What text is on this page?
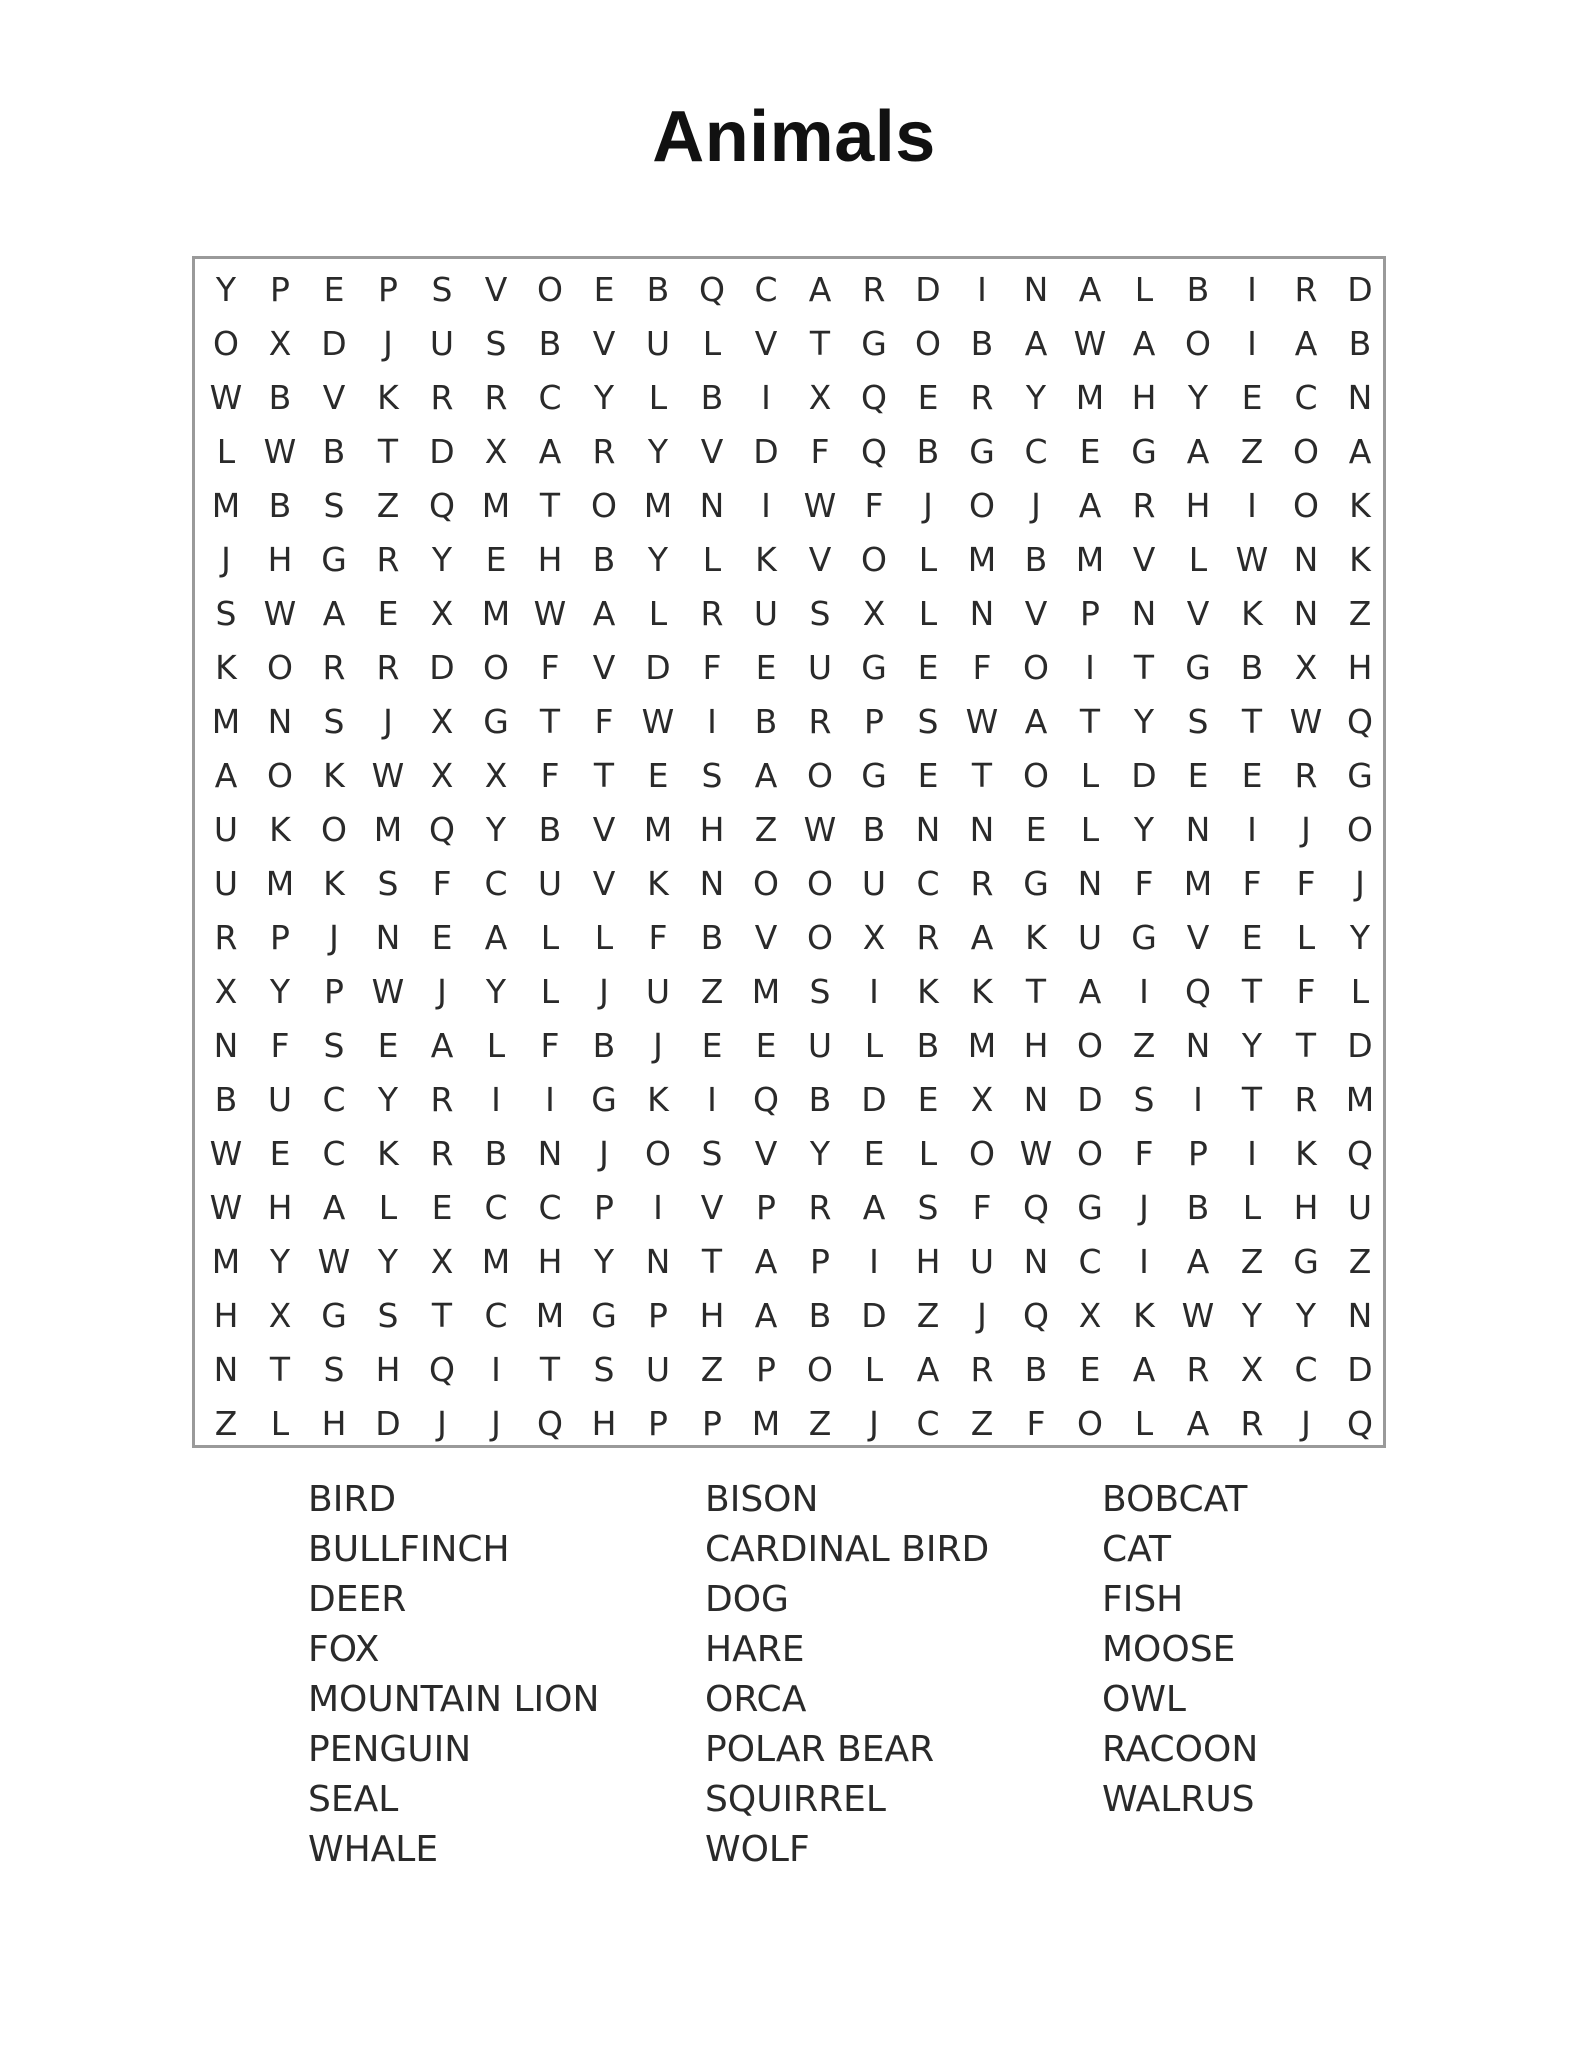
Animals
Y	P	E	P	S V O E B Q C A R D	I	N A	L	B	I	R D
O X D	J	U S B V U L	V T G O B A W A O	I	A B
W B V K R R C Y	L	B	I	X Q E R Y M H Y	E C N
L W B T D X A R Y V D F Q B G C E G A Z O A
M B S Z Q M T O M N	I W F	J	O	J	A R H	I	O K
J	H G R Y	E H B Y	L	K V O L M B M V	L W N K
S W A E X M W A	L	R U S X	L N V P N V K N Z
K O R R D O F	V D F	E U G E	F O	I	T G B X H
M N S	J	X G T	F W I	B R P	S W A T	Y	S	T W Q
A O K W X X	F	T	E	S A O G E	T O L D E	E R G
U K O M Q Y B V M H Z W B N N E	L	Y N	I	J	O
U M K S	F C U V K N O O U C R G N F M F	F	J
R P	J	N E A	L	L	F	B V O X R A K U G V E	L	Y
X Y	P W J	Y	L	J	U Z M S	I	K K	T A	I	Q T	F	L
N F	S	E A	L	F	B	J	E	E U L	B M H O Z N Y	T D
B U C Y R	I	I	G K	I	Q B D E X N D S	I	T R M
W E C K R B N	J	O S V Y	E	L O W O F	P	I	K Q
W H A	L	E C C P	I	V P R A S	F Q G	J	B	L H U
M Y W Y X M H Y N T A P	I	H U N C	I	A Z G Z
H X G S	T C M G P H A B D Z	J	Q X K W Y	Y N
N T	S H Q	I	T	S U Z P O L	A R B E A R X C D
Z	L H D	J	J	Q H P	P M Z	J	C Z	F O L	A R	J	Q
BIRD	BISON	BOBCAT
BULLFINCH	CARDINAL BIRD	CAT
DEER	DOG	FISH
FOX	HARE	MOOSE
MOUNTAIN LION	ORCA	OWL
PENGUIN	POLAR BEAR	RACOON
SEAL	SQUIRREL	WALRUS
WHALE	WOLF
